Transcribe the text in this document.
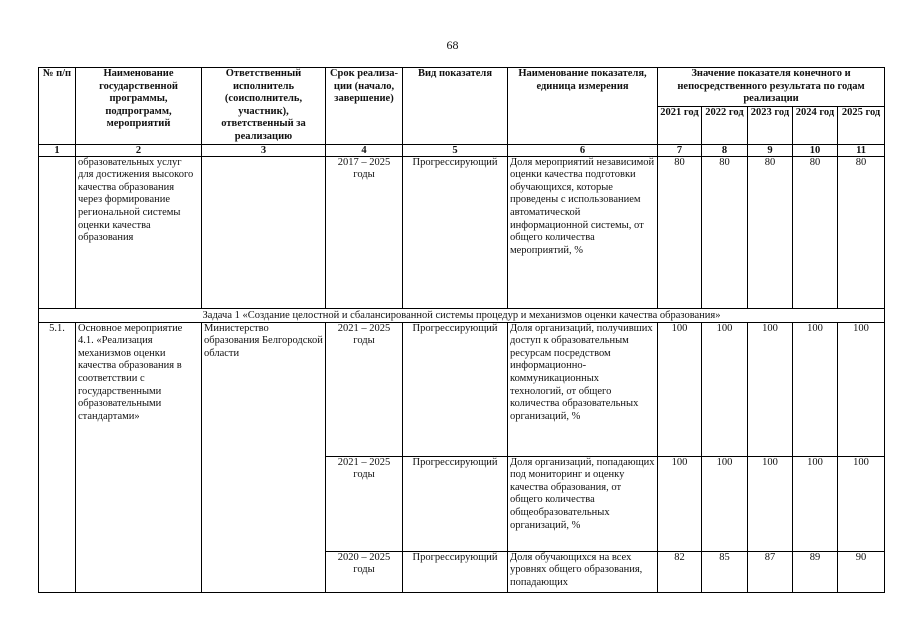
68
№ п/п	Наименование государственной программы, подпрограмм, мероприятий	Ответственный исполнитель (соисполнитель, участник), ответственный за реализацию	Срок реализа-ции (начало, завершение)	Вид показателя	Наименование показателя, единица измерения	Значение показателя конечного и непосредственного результата по годам реализации				
						2021 год	2022 год	2023 год	2024 год	2025 год
1	2	3	4	5	6	7	8	9	10	11
	образовательных услуг для достижения высокого качества образования через формирование региональной системы оценки качества образования		2017 – 2025 годы	Прогрессирующий	Доля мероприятий независимой оценки качества подготовки обучающихся, которые проведены с использованием автоматической информационной системы, от общего количества мероприятий, %	80	80	80	80	80
Задача 1 «Создание целостной и сбалансированной системы процедур и механизмов оценки качества образования»										
5.1.	Основное мероприятие 4.1. «Реализация механизмов оценки качества образования в соответствии с государственными образовательными стандартами»	Министерство образования Белгородской области	2021 – 2025 годы	Прогрессирующий	Доля организаций, получивших доступ к образовательным ресурсам посредством информационно-коммуникационных технологий, от общего количества образовательных организаций, %	100	100	100	100	100
			2021 – 2025 годы	Прогрессирующий	Доля организаций, попадающих под мониторинг и оценку качества образования, от общего количества общеобразовательных организаций, %	100	100	100	100	100
			2020 – 2025 годы	Прогрессирующий	Доля обучающихся на всех уровнях общего образования, попадающих	82	85	87	89	90
